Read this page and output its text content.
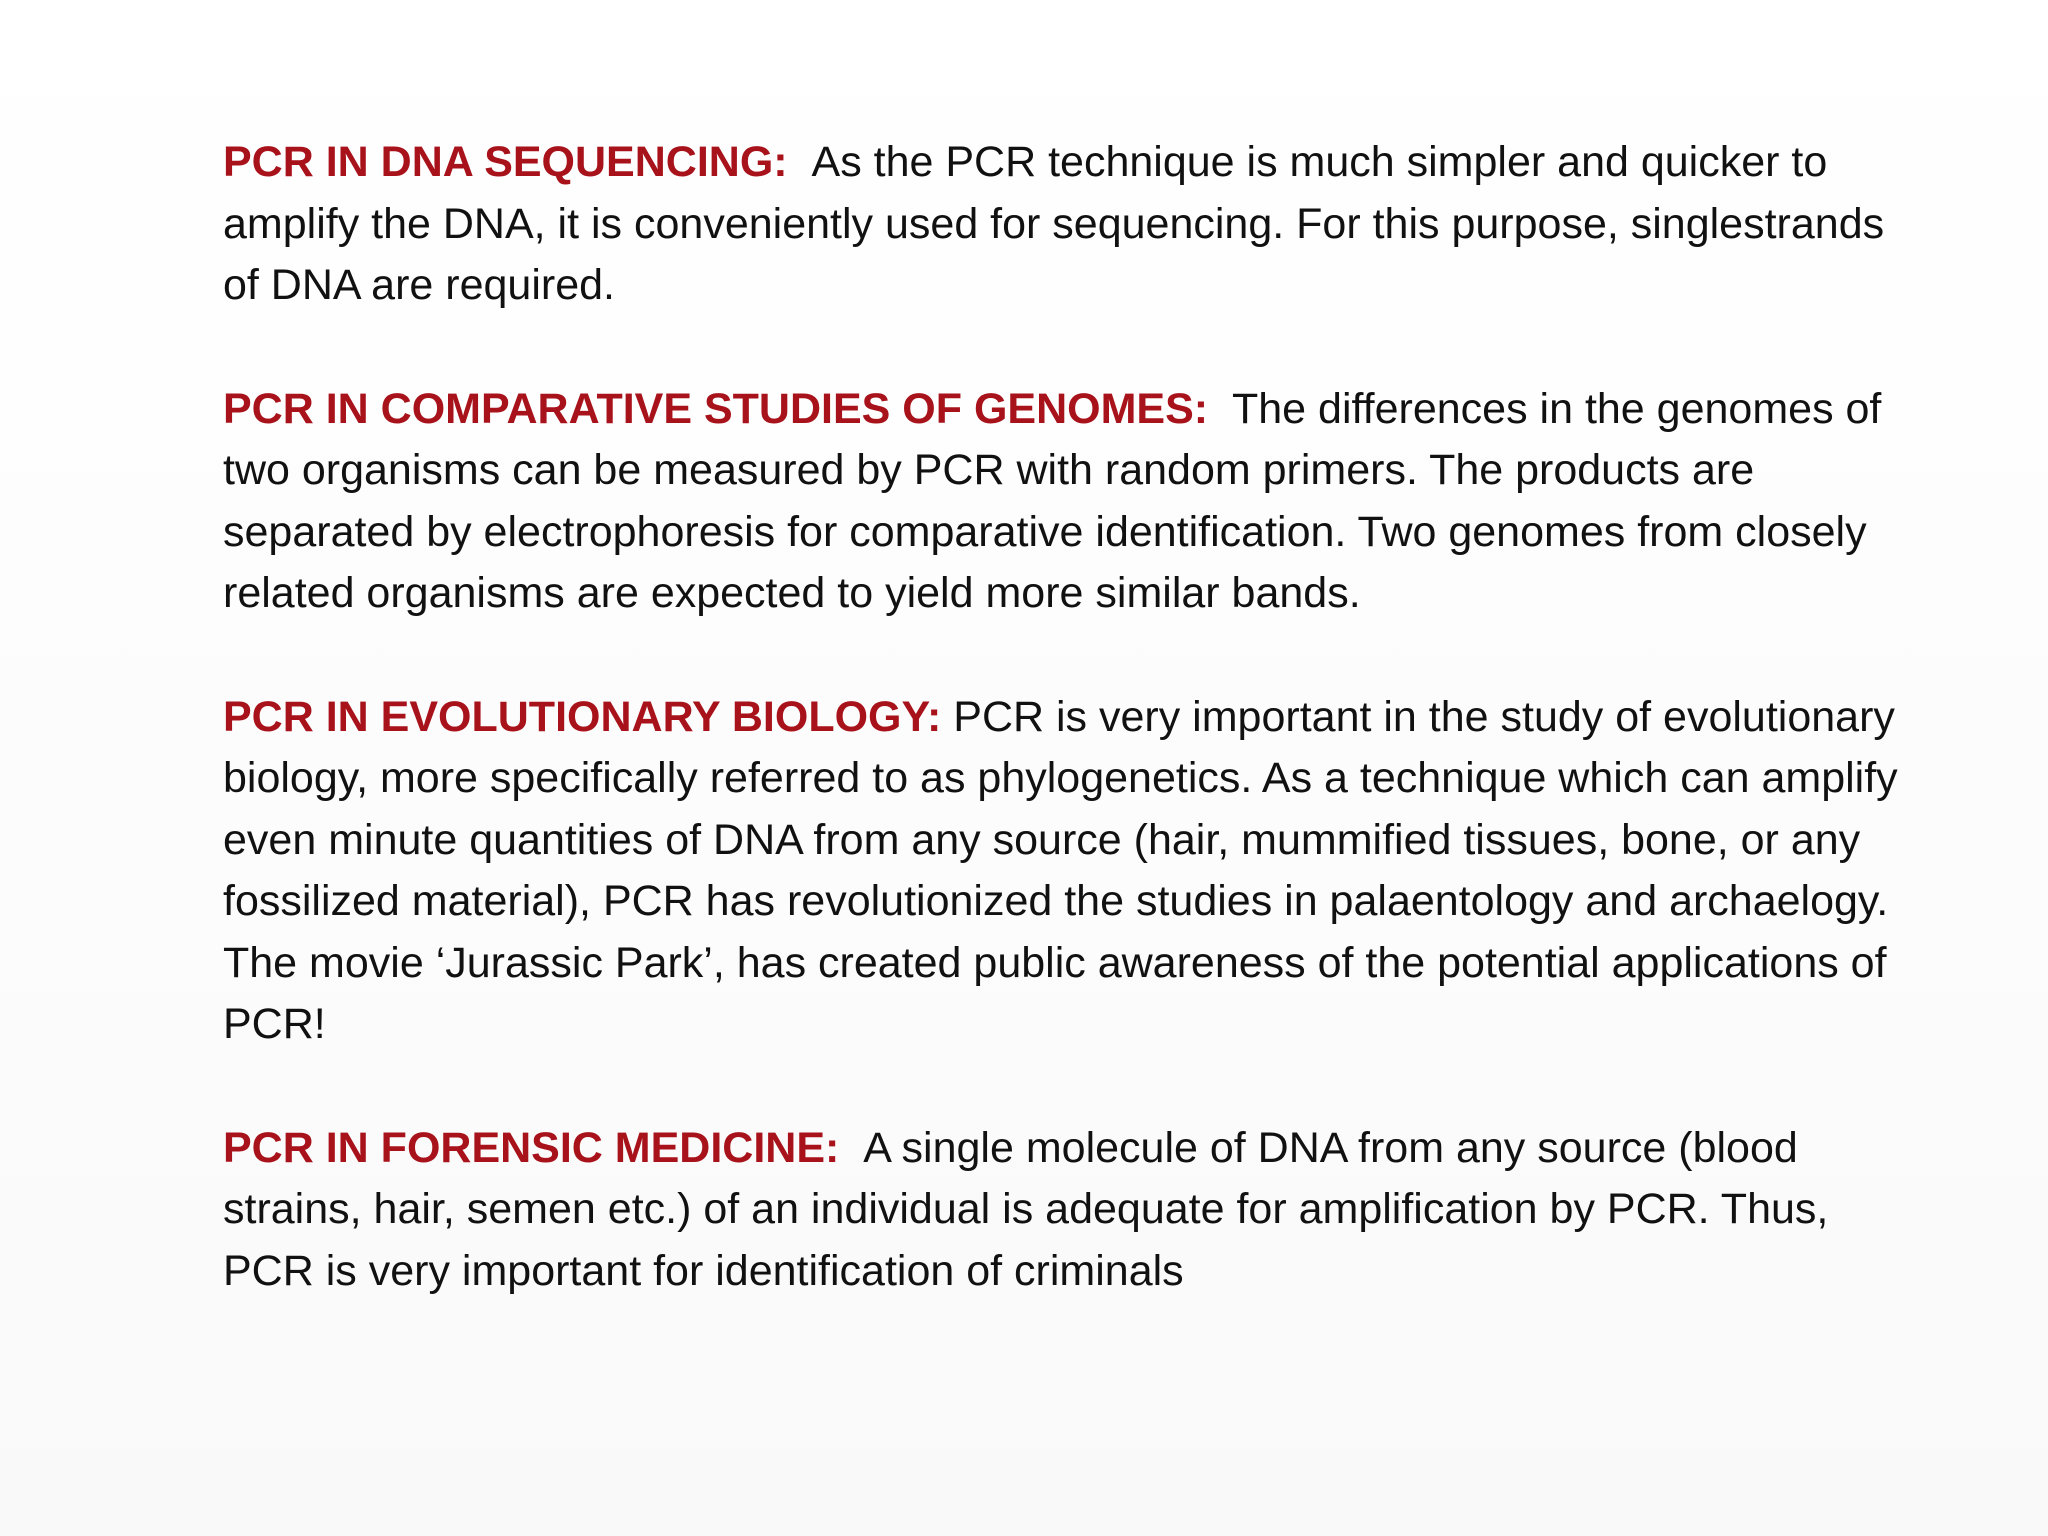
PCR IN DNA SEQUENCING: As the PCR technique is much simpler and quicker to amplify the DNA, it is conveniently used for sequencing. For this purpose, singlestrands of DNA are required.

PCR IN COMPARATIVE STUDIES OF GENOMES: The differences in the genomes of two organisms can be measured by PCR with random primers. The products are separated by electrophoresis for comparative identification. Two genomes from closely related organisms are expected to yield more similar bands.

PCR IN EVOLUTIONARY BIOLOGY: PCR is very important in the study of evolutionary biology, more specifically referred to as phylogenetics. As a technique which can amplify even minute quantities of DNA from any source (hair, mummified tissues, bone, or any fossilized material), PCR has revolutionized the studies in palaentology and archaelogy. The movie ‘Jurassic Park’, has created public awareness of the potential applications of PCR!

PCR IN FORENSIC MEDICINE: A single molecule of DNA from any source (blood strains, hair, semen etc.) of an individual is adequate for amplification by PCR. Thus, PCR is very important for identification of criminals
